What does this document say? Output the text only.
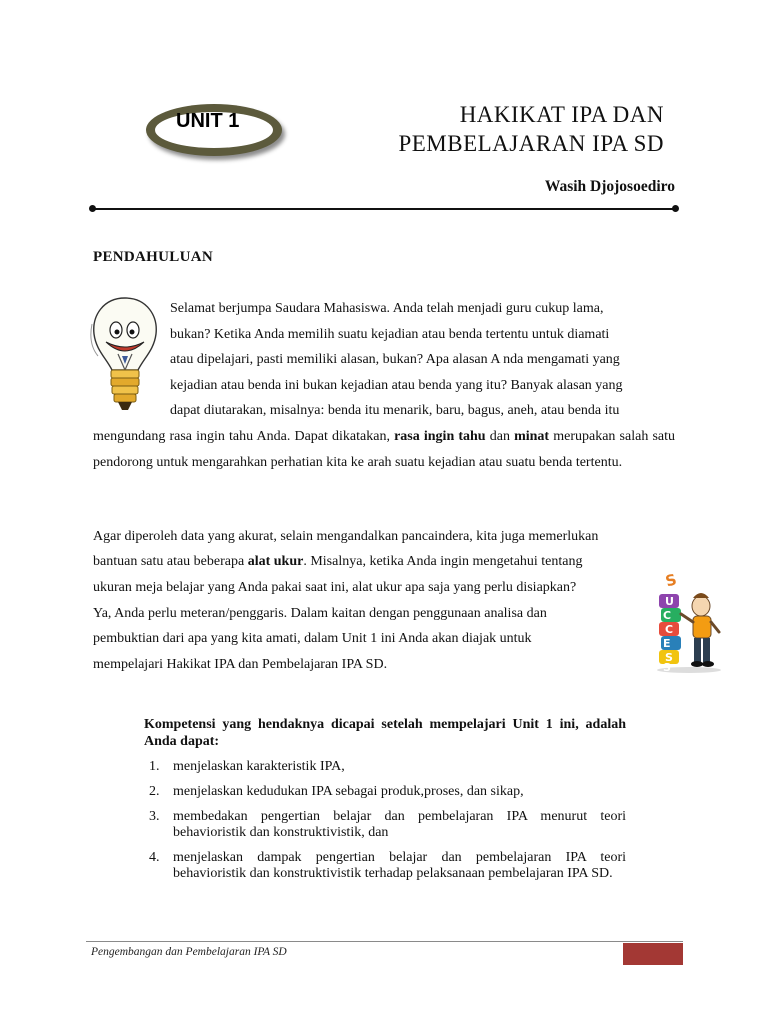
UNIT 1	HAKIKAT IPA DAN
PEMBELAJARAN IPA SD
Wasih Djojosoediro
PENDAHULUAN
Selamat berjumpa Saudara Mahasiswa. Anda telah menjadi guru cukup lama,
bukan? Ketika Anda memilih suatu kejadian atau benda tertentu untuk diamati
atau dipelajari, pasti memiliki alasan, bukan? Apa alasan A nda mengamati yang
kejadian atau benda ini bukan kejadian atau benda yang itu? Banyak alasan yang
dapat diutarakan, misalnya: benda itu menarik, baru, bagus, aneh, atau benda itu
mengundang rasa ingin tahu Anda. Dapat dikatakan, rasa ingin tahu dan minat merupakan salah satu pendorong untuk mengarahkan perhatian kita ke arah suatu kejadian atau suatu benda tertentu.
Agar diperoleh data yang akurat, selain mengandalkan pancaindera, kita juga memerlukan
bantuan satu atau beberapa alat ukur. Misalnya, ketika Anda ingin mengetahui tentang
ukuran meja belajar yang Anda pakai saat ini, alat ukur apa saja yang perlu disiapkan?
Ya, Anda perlu meteran/penggaris. Dalam kaitan dengan penggunaan analisa dan
pembuktian dari apa yang kita amati, dalam Unit 1 ini Anda akan diajak untuk
mempelajari Hakikat IPA dan Pembelajaran IPA SD.
S
U
C
C
E
S
S
Kompetensi yang hendaknya dicapai setelah mempelajari Unit 1 ini, adalah Anda dapat:
1. menjelaskan karakteristik IPA,
2. menjelaskan kedudukan IPA sebagai produk,proses, dan sikap,
3. membedakan pengertian belajar dan pembelajaran IPA menurut teori behavioristik dan konstruktivistik, dan
4. menjelaskan dampak pengertian belajar dan pembelajaran IPA teori behavioristik dan konstruktivistik terhadap pelaksanaan pembelajaran IPA SD.
Pengembangan dan Pembelajaran IPA SD
